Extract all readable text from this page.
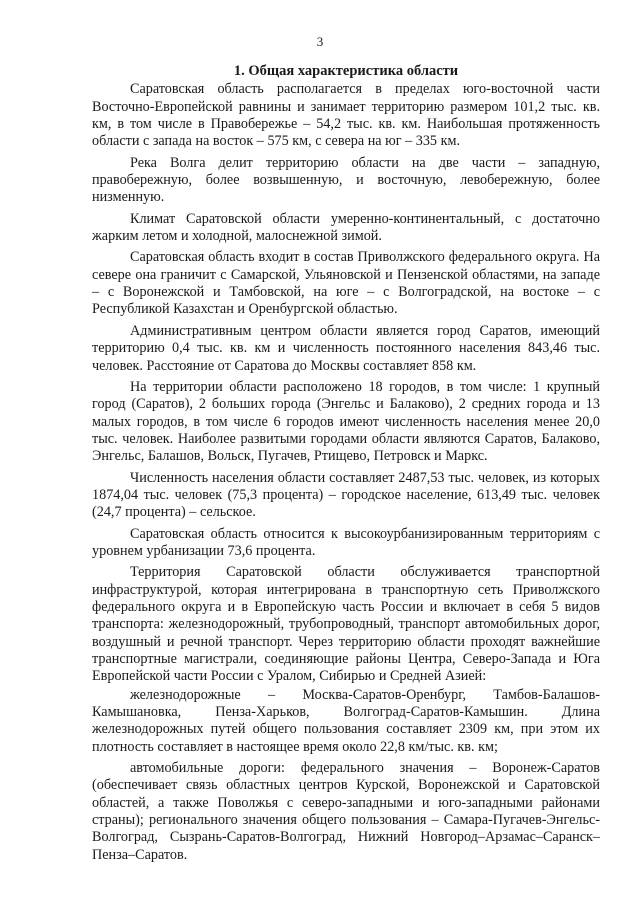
3

1. Общая характеристика области

Саратовская область располагается в пределах юго-восточной части Восточно-Европейской равнины и занимает территорию размером 101,2 тыс. кв. км, в том числе в Правобережье – 54,2 тыс. кв. км. Наибольшая протяженность области с запада на восток – 575 км, с севера на юг – 335 км.

Река Волга делит территорию области на две части – западную, правобережную, более возвышенную, и восточную, левобережную, более низменную.

Климат Саратовской области умеренно-континентальный, с достаточно жарким летом и холодной, малоснежной зимой.

Саратовская область входит в состав Приволжского федерального округа. На севере она граничит с Самарской, Ульяновской и Пензенской областями, на западе – с Воронежской и Тамбовской, на юге – с Волгоградской, на востоке – с Республикой Казахстан и Оренбургской областью.

Административным центром области является город Саратов, имеющий территорию 0,4 тыс. кв. км и численность постоянного населения 843,46 тыс. человек. Расстояние от Саратова до Москвы составляет 858 км.

На территории области расположено 18 городов, в том числе: 1 крупный город (Саратов), 2 больших города (Энгельс и Балаково), 2 средних города и 13 малых городов, в том числе 6 городов имеют численность населения менее 20,0 тыс. человек. Наиболее развитыми городами области являются Саратов, Балаково, Энгельс, Балашов, Вольск, Пугачев, Ртищево, Петровск и Маркс.

Численность населения области составляет 2487,53 тыс. человек, из которых 1874,04 тыс. человек (75,3 процента) – городское население, 613,49 тыс. человек (24,7 процента) – сельское.

Саратовская область относится к высокоурбанизированным территориям с уровнем урбанизации 73,6 процента.

Территория Саратовской области обслуживается транспортной инфраструктурой, которая интегрирована в транспортную сеть Приволжского федерального округа и в Европейскую часть России и включает в себя 5 видов транспорта: железнодорожный, трубопроводный, транспорт автомобильных дорог, воздушный и речной транспорт. Через территорию области проходят важнейшие транспортные магистрали, соединяющие районы Центра, Северо-Запада и Юга Европейской части России с Уралом, Сибирью и Средней Азией:

железнодорожные – Москва-Саратов-Оренбург, Тамбов-Балашов-Камышановка, Пенза-Харьков, Волгоград-Саратов-Камышин. Длина железнодорожных путей общего пользования составляет 2309 км, при этом их плотность составляет в настоящее время около 22,8 км/тыс. кв. км;

автомобильные дороги: федерального значения – Воронеж-Саратов (обеспечивает связь областных центров Курской, Воронежской и Саратовской областей, а также Поволжья с северо-западными и юго-западными районами страны); регионального значения общего пользования – Самара-Пугачев-Энгельс-Волгоград, Сызрань-Саратов-Волгоград, Нижний Новгород–Арзамас–Саранск–Пенза–Саратов.
